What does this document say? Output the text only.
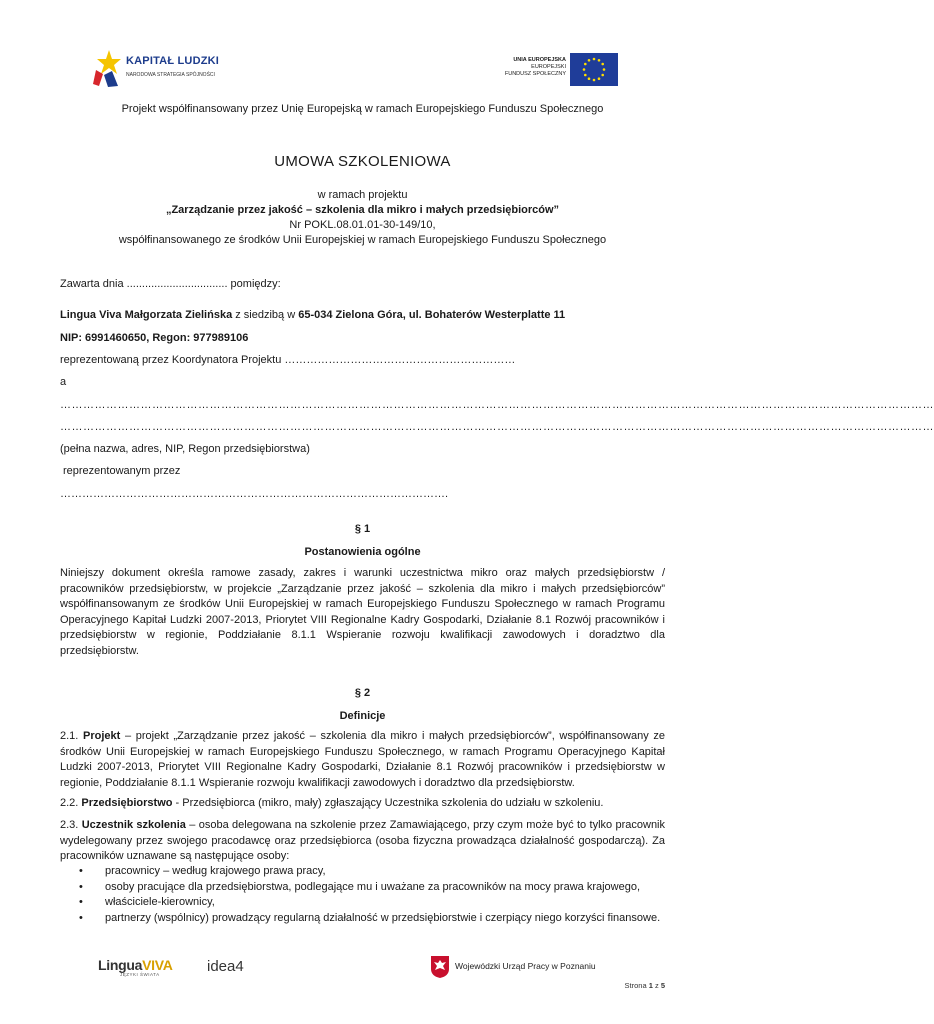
KAPITAŁ LUDZKI
NARODOWA STRATEGIA SPÓJNOŚCI
UNIA EUROPEJSKA
EUROPEJSKI
FUNDUSZ SPOŁECZNY
Projekt współfinansowany przez Unię Europejską w ramach Europejskiego Funduszu Społecznego
UMOWA SZKOLENIOWA
w ramach projektu
„Zarządzanie przez jakość – szkolenia dla mikro i małych przedsiębiorców”
Nr POKL.08.01.01-30-149/10,
współfinansowanego ze środków Unii Europejskiej w ramach Europejskiego Funduszu Społecznego
Zawarta dnia ................................. pomiędzy:
Lingua Viva Małgorzata Zielińska z siedzibą w 65-034 Zielona Góra, ul. Bohaterów Westerplatte 11
NIP: 6991460650, Regon: 977989106
reprezentowaną przez Koordynatora Projektu ………………………………………………………
a
…………………………………………………………………………………………………………………………………………………………………………………………………………
…………………………………………………………………………………………………………………………………………………………………………………………………………
(pełna nazwa, adres, NIP, Regon przedsiębiorstwa)
reprezentowanym przez
…………………………………………………………………………………………….
§ 1
Postanowienia ogólne
Niniejszy dokument określa ramowe zasady, zakres i warunki uczestnictwa mikro oraz małych przedsiębiorstw / pracowników przedsiębiorstw, w projekcie „Zarządzanie przez jakość – szkolenia dla mikro i małych przedsiębiorców” współfinansowanym ze środków Unii Europejskiej w ramach Europejskiego Funduszu Społecznego w ramach Programu Operacyjnego Kapitał Ludzki 2007-2013, Priorytet VIII Regionalne Kadry Gospodarki, Działanie 8.1 Rozwój pracowników i przedsiębiorstw w regionie, Poddziałanie 8.1.1 Wspieranie rozwoju kwalifikacji zawodowych i doradztwo dla przedsiębiorstw.
§ 2
Definicje
2.1. Projekt – projekt „Zarządzanie przez jakość – szkolenia dla mikro i małych przedsiębiorców”, współfinansowany ze środków Unii Europejskiej w ramach Europejskiego Funduszu Społecznego, w ramach Programu Operacyjnego Kapitał Ludzki 2007-2013, Priorytet VIII Regionalne Kadry Gospodarki, Działanie 8.1 Rozwój pracowników i przedsiębiorstw w regionie, Poddziałanie 8.1.1 Wspieranie rozwoju kwalifikacji zawodowych i doradztwo dla przedsiębiorstw.
2.2. Przedsiębiorstwo - Przedsiębiorca (mikro, mały) zgłaszający Uczestnika szkolenia do udziału w szkoleniu.
2.3. Uczestnik szkolenia – osoba delegowana na szkolenie przez Zamawiającego, przy czym może być to tylko pracownik wydelegowany przez swojego pracodawcę oraz przedsiębiorca (osoba fizyczna prowadząca działalność gospodarczą). Za pracowników uznawane są następujące osoby:
• pracownicy – według krajowego prawa pracy,
• osoby pracujące dla przedsiębiorstwa, podlegające mu i uważane za pracowników na mocy prawa krajowego,
• właściciele-kierownicy,
• partnerzy (wspólnicy) prowadzący regularną działalność w przedsiębiorstwie i czerpiący niego korzyści finansowe.
LinguaVIVA
JĘZYKI ŚWIATA	idea4	Wojewódzki Urząd Pracy w Poznaniu
Strona 1 z 5
